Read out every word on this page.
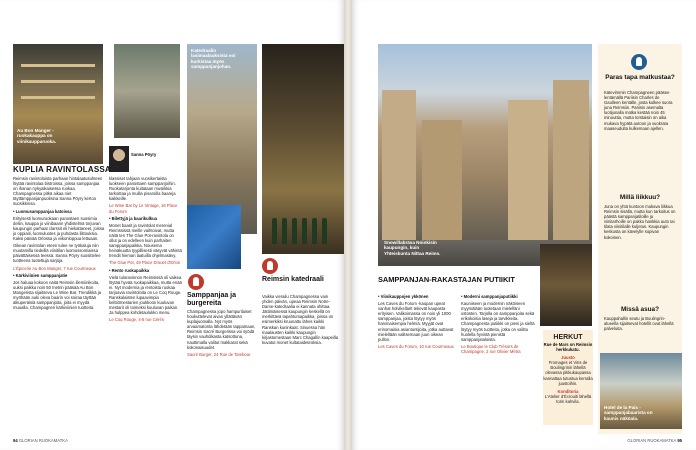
Au Bon Manger -ruokakauppa on viinikaupparuoka.
Sanna Pöyry
Katedraalin lasimaalauksista voi kurkistaa myös samppanjanjohan.
KUPLIA RAVINTOLASSA

Reimsin ravintoloista parhaan hintalaatusuhteen löytää ravintolaa bistroissa, joissa samppanjaa on ihanan nykyaikaisessa ruokaa. Champagnessa pitkä aikaa niet täyttämppanjanpuolisina Sanna Pöyry kertoo suosikkinsa.

• Luomusamppanjaa katoissa

Erityisesti luomuruokaan panostaen suosimia deliin, kauppa jo viinibaarin yhdistelmä torjuvan kaupungin parhaat clarssit eli hiekattaneet, joissa jo oppiaiti, luomuluotes ja puhdasta liittouksia. Kaksi päivää Orlossa ja viikonloppua lettuaan.

Oikean ravintolan eteen tulee ne työkaluja niin muutamilla tiedeillä viinitilan luomussomiaissa päivättäisessä teessä. Sanna Pöyry suosittelee tuotteena tuotettuja sarjoja.

L'Épicerie Au Bon Manger, 7 rue Courmeaux

• Kärkiviinien samppanjatie

Jos haluaa kokoon näitä Reimsin illemiinikoita, uuksi paikka noin 50 metrin pääsää Au Bon Mangerista sijaitseva Le Wine Bar. Trendikkä ja myöhään auki oleva baarin voi soiraa täyttää alkuperäisiä samppanjoita, joita ei myydä muualla. Champagnen kärkiviinien tuotteita.

klassiset tahjaan vuosikertaista luokseen panostaen samppanjoihin. Ruokatarjonta kuitataan musiikkia tarkoittaa ja muilla pisaroilla baareja kaikkeille.

Le Wine Bar by Le Vintage, 16 Place du Forum

• Bilettyjä ja baarikulkua

Monet baarit ja ravintolat merenial Reimssissä meille vaihtoivat, mutta näitä ten The Glue Pot-ravintola on ollut ja on edelleen kuin parhaiten samppanjapaikka. Nousema heinäkuutta tyypillisesti väsyvät vähintä trendit hieman laatuilla ohjelmasävy.

The Glue Pot, 49 Place Drouet d'Erlon

• Rento ruokapaikka

Vielä tuloravinnon Reimsissä oli vaikea löytää hyvää ruokapaikkaa, mutta enää ei. Nyt modernia ja rentoista ruokaa tarjoavia ravintoloita on Le Coq Rouge. Ranskalaisten lupaavimpia keittiömestarien joukkoon kuuluvan mestarit oli toimeksi kuuluvan paikan. Ja hulppea kohdetaulukko menu.

Le Coq Rouge, 4-5 rue Cérès

Samppanjaa ja burgereita

Champagnessa jopo hampurilaiset houkuttelevat aivan yllättävän kuplajuomalla. Nyt myös arvaamatonta lähdetään tappamaan, Reimsin Sacré Burgerissa voi syödä täysin vauhdikasta katsottuna, nauttimalla valitut makkarat sekä kokonaisuudet.

Sacré Burger, 24 Rue de Tambour

Reimsin katedraali

Vaikka vierailu Champagnessa vain yhden päivän, upeaa Reimsin Notre-Dame-katedraalia ei kannata ohittaa. Jättimäisessä kaupungin keskellä on merkittävä tapahtumapaikka, joissa on esimerkiksi kruunattu lähes kaikki Ranskan kuninkaat. Sinuessa hän maalausten kaikki kaupungin kirjastomestaan Marc Chagallin kaapeilla kuvatut monet kultataideteoksia.

94 GLORIAN RUOKAMATKA
Snowillabräsa Noinkisin kaupungin, kuin Yhteiskunta Nittaa Reims.
SAMPPANJAN-RAKASTAJAN PUTIIKIT

• Viinikauppojen ykkönen

Les Caves du Forum -kaupan upeat vanhat holvikellarit tekevät kaupasta erityisen. Valikoimassa on noin yli 1000 samppanjaa, joista löytyy myös harvinaisempia helmiä. Myyjät ovat erinomaisia asiantuntijoita, jotka auttavat mielellään valitsemaan juuri oikean pullon.

Les Caves du Forum, 10 rue Courmeaux

• Moderni samppanjaputiikki

Kauniiseen ja modernin näköiseen myymälään tuotetaan mielelläni ostosten. Tarjolla on samppanjoita sekä erikokoisia laseja ja tarvikkeita. Champagnesta putiikki on pieni ja sieltä löytyy myös tuotteita, jotka on valittu huolella hyvistä pienistä samppanjataloista.

Le Boutique le Club Trésors de Champagne, 2 rue Olivier Métra

HERKUT
Rue de Mars on Reimsin herkkukatu.
Juusto
Fromages et Vins de Boulingrinin lähellä olevassa pikkukaupassa kannattaa tutustua kerralla juustoihin.
Konditoria
L'Atelier d'Écrouiti lähellä torin kahvila.
Paras tapa matkustaa?
Kätevimmin Champagneen pääsee lentämällä Pariisin Charles de Gaulleen kentälle, josta kulkee suora juna Reimsiin. Pariisin asemalta luotijunalla matka kestää noin 45 minuuttia, mutta torstaisin on aika mukava hypätä autoon ja vuokrata maaseudulta kulkemaan ajellen.
Millä liikkuu?
Juna on yhtä kuntoon mukava liikkua Reimsin sisällä, mutta kun tarkoitus on päästä samppanjatiloille ja viinitarhoille on pakko hankkia auto tai tilata viinitilalle kuljetus. Kaupungin keskusta on kävelylle sopivan kokoinen.
Missä asua?
Kauppahallin seutu ja Boulingrin-alueella sijaitsevat hotellit ovat lähellä palveluita.
Hotel de la Paix -samppanjabaarista on kaunis näköala.
GLORIAN RUOKAMATKA 95
